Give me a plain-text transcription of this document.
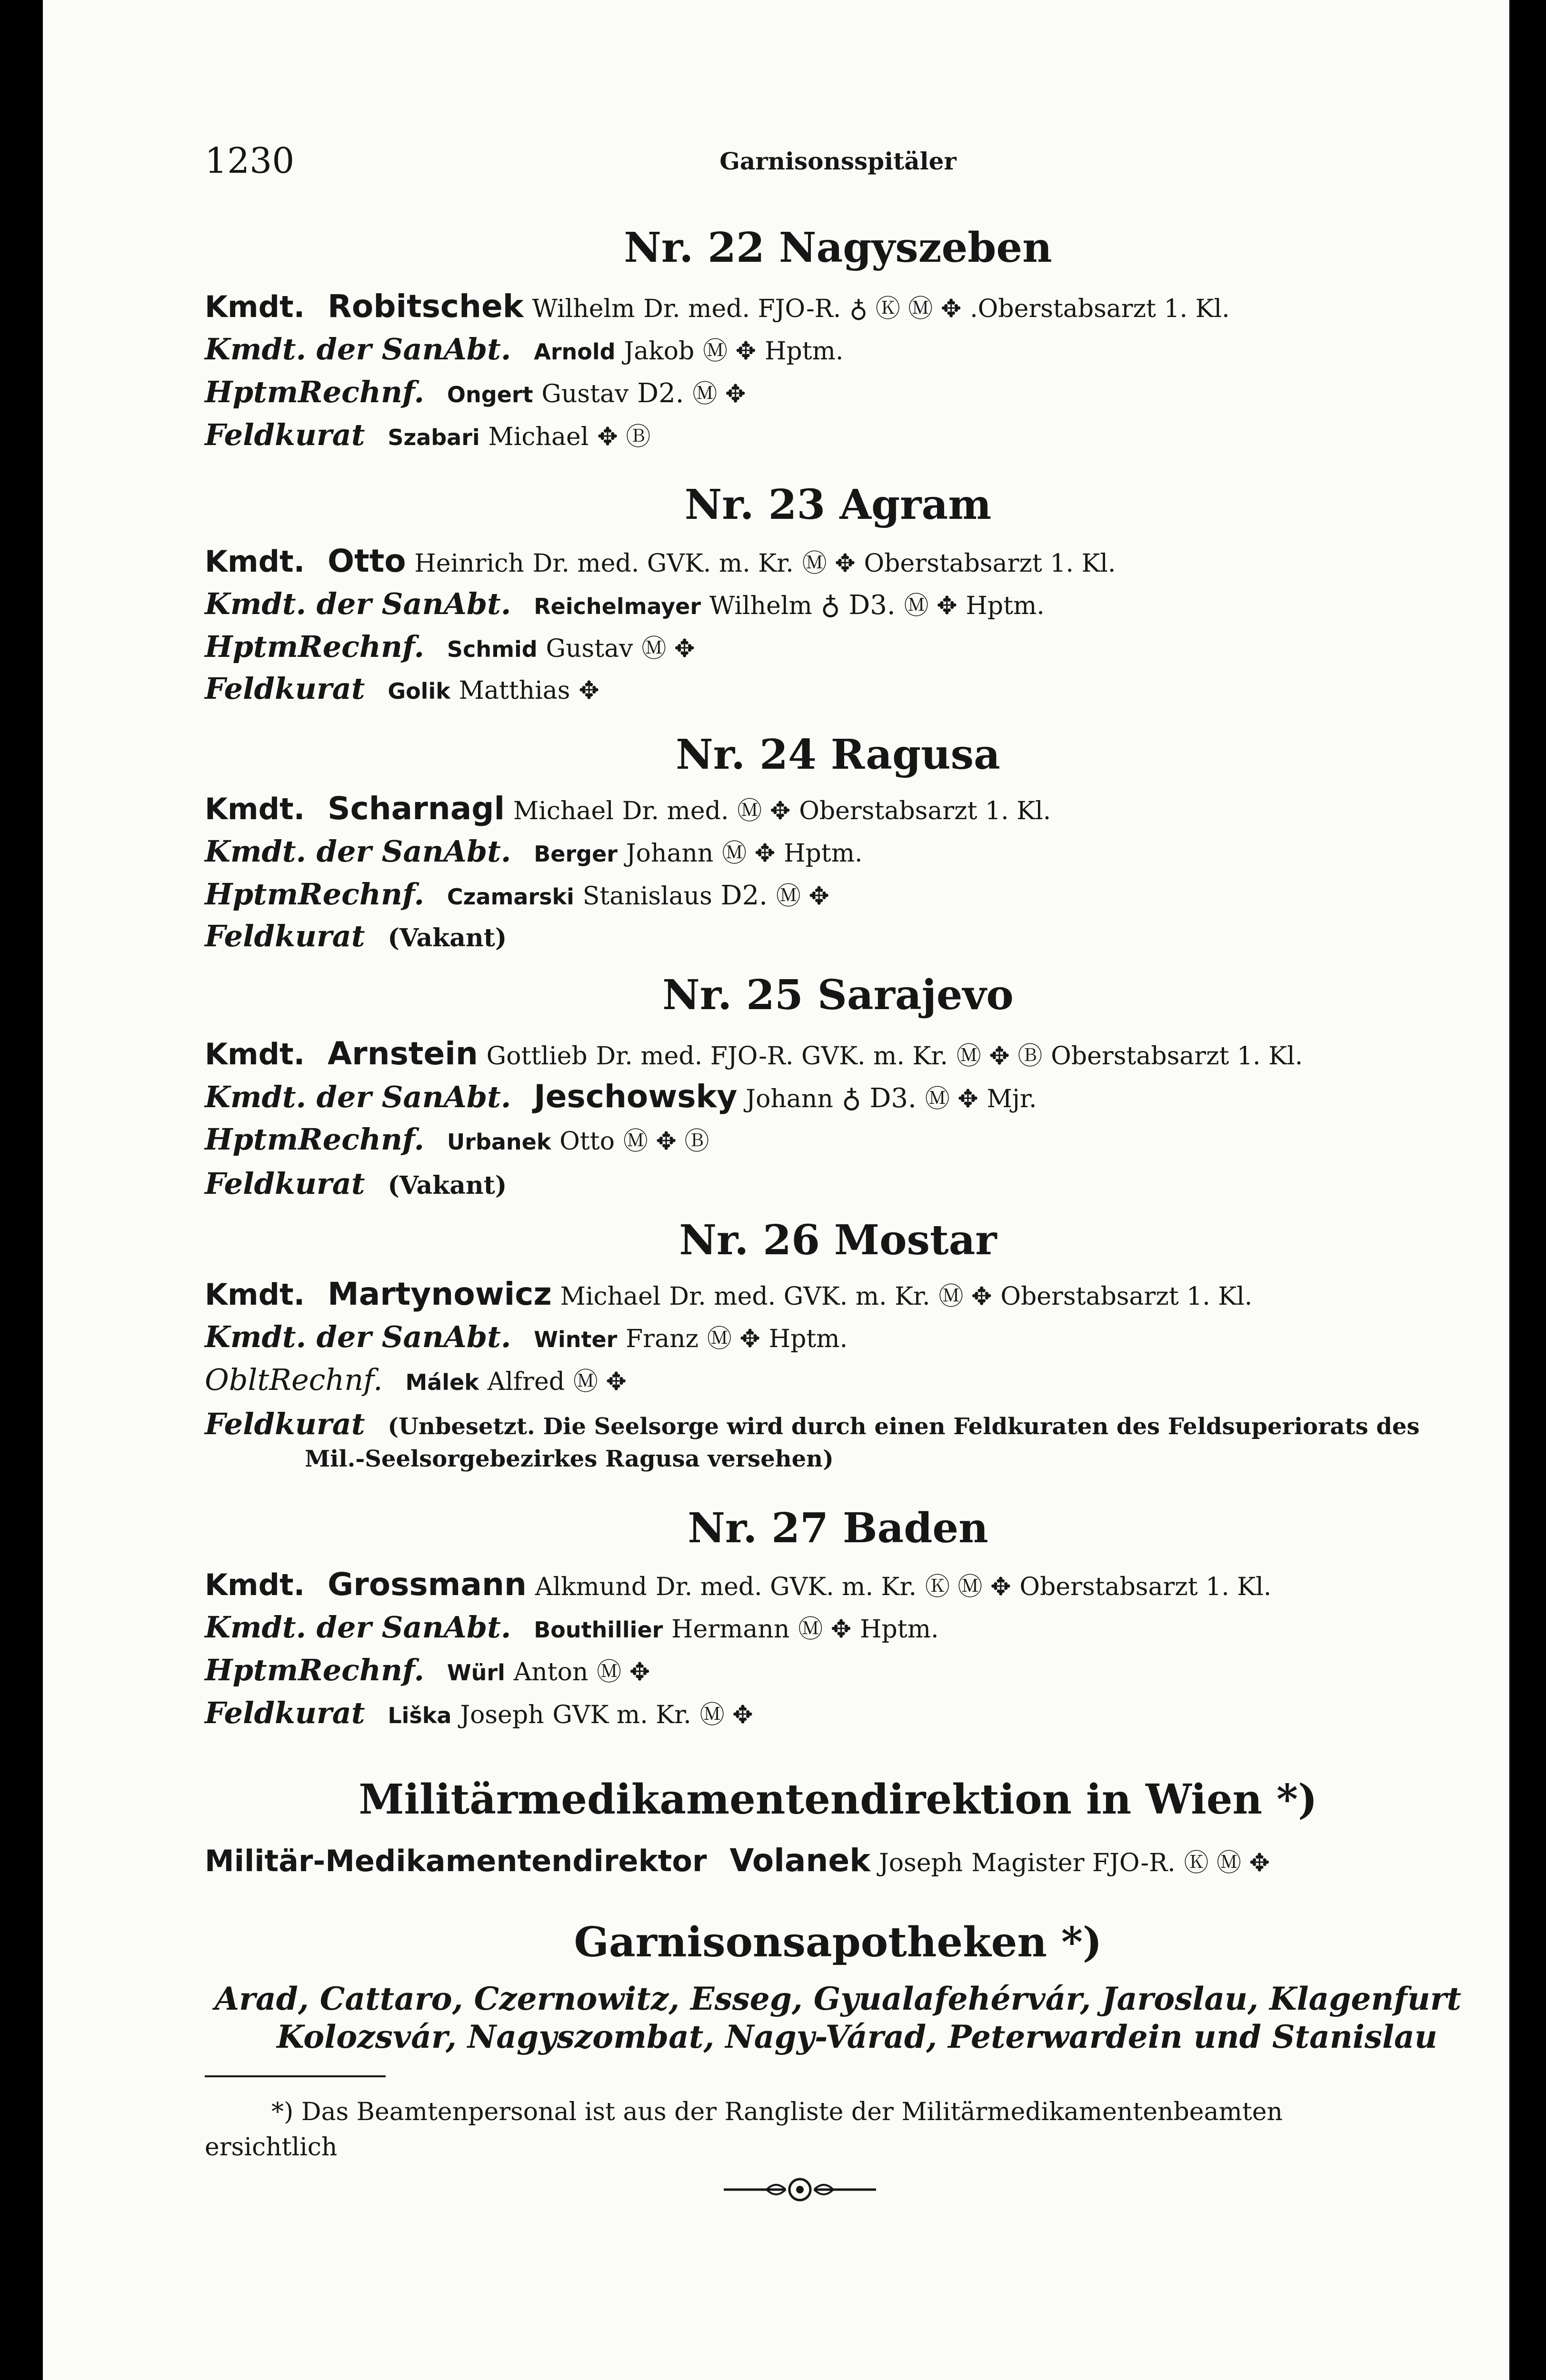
1230	Garnisonsspitäler
Nr. 22 Nagyszeben
Kmdt. Robitschek Wilhelm Dr. med. FJO-R. ♁ Ⓚ Ⓜ ✥ .Oberstabsarzt 1. Kl.
Kmdt. der SanAbt. Arnold Jakob Ⓜ ✥ Hptm.
HptmRechnf. Ongert Gustav D2. Ⓜ ✥
Feldkurat Szabari Michael ✥ Ⓑ
Nr. 23 Agram
Kmdt. Otto Heinrich Dr. med. GVK. m. Kr. Ⓜ ✥ Oberstabsarzt 1. Kl.
Kmdt. der SanAbt. Reichelmayer Wilhelm ♁ D3. Ⓜ ✥ Hptm.
HptmRechnf. Schmid Gustav Ⓜ ✥
Feldkurat Golik Matthias ✥
Nr. 24 Ragusa
Kmdt. Scharnagl Michael Dr. med. Ⓜ ✥ Oberstabsarzt 1. Kl.
Kmdt. der SanAbt. Berger Johann Ⓜ ✥ Hptm.
HptmRechnf. Czamarski Stanislaus D2. Ⓜ ✥
Feldkurat (Vakant)
Nr. 25 Sarajevo
Kmdt. Arnstein Gottlieb Dr. med. FJO-R. GVK. m. Kr. Ⓜ ✥ Ⓑ Oberstabsarzt 1. Kl.
Kmdt. der SanAbt. Jeschowsky Johann ♁ D3. Ⓜ ✥ Mjr.
HptmRechnf. Urbanek Otto Ⓜ ✥ Ⓑ
Feldkurat (Vakant)
Nr. 26 Mostar
Kmdt. Martynowicz Michael Dr. med. GVK. m. Kr. Ⓜ ✥ Oberstabsarzt 1. Kl.
Kmdt. der SanAbt. Winter Franz Ⓜ ✥ Hptm.
ObltRechnf. Málek Alfred Ⓜ ✥
Feldkurat (Unbesetzt. Die Seelsorge wird durch einen Feldkuraten des Feldsuperiorats des
Mil.-Seelsorgebezirkes Ragusa versehen)
Nr. 27 Baden
Kmdt. Grossmann Alkmund Dr. med. GVK. m. Kr. Ⓚ Ⓜ ✥ Oberstabsarzt 1. Kl.
Kmdt. der SanAbt. Bouthillier Hermann Ⓜ ✥ Hptm.
HptmRechnf. Würl Anton Ⓜ ✥
Feldkurat Liška Joseph GVK m. Kr. Ⓜ ✥
Militärmedikamentendirektion in Wien *)
Militär-Medikamentendirektor Volanek Joseph Magister FJO-R. Ⓚ Ⓜ ✥
Garnisonsapotheken *)
Arad, Cattaro, Czernowitz, Esseg, Gyualafehérvár, Jaroslau, Klagenfurt
Kolozsvár, Nagyszombat, Nagy-Várad, Peterwardein und Stanislau
*) Das Beamtenpersonal ist aus der Rangliste der Militärmedikamentenbeamten
ersichtlich
